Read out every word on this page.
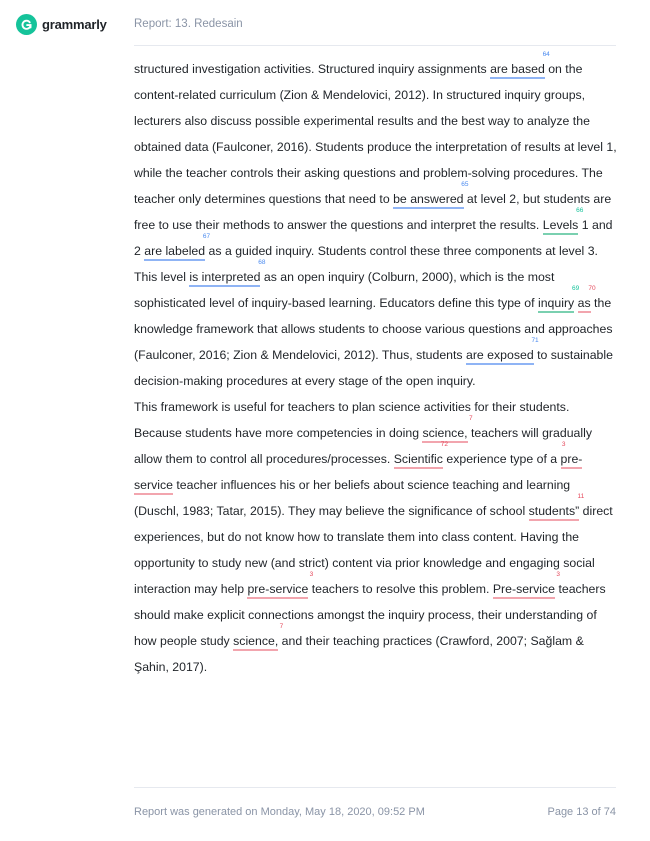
grammarly Report: 13. Redesain

structured investigation activities. Structured inquiry assignments are based
64
on the content-related curriculum (Zion & Mendelovici, 2012). In structured inquiry groups, lecturers also discuss possible experimental results and the best way to analyze the obtained data (Faulconer, 2016). Students produce the interpretation of results at level 1, while the teacher controls their asking questions and problem-solving procedures. The teacher only determines questions that need to be answered
65
at level 2, but students are free to use their methods to answer the questions and interpret the results. Levels
66
1 and 2 are labeled
67
as a guided inquiry. Students control these three components at level 3. This level is interpreted
68
as an open inquiry (Colburn, 2000), which is the most sophisticated level of inquiry-based learning. Educators define this type of inquiry
69
as
70
the knowledge framework that allows students to choose various questions and approaches (Faulconer, 2016; Zion & Mendelovici, 2012). Thus, students are exposed
71
to sustainable decision-making procedures at every stage of the open inquiry.

This framework is useful for teachers to plan science activities for their students. Because students have more competencies in doing science,
7
teachers will gradually allow them to control all procedures/processes. Scientific
72
experience type of a pre-service
3
teacher influences his or her beliefs about science teaching and learning (Duschl, 1983; Tatar, 2015). They may believe the significance of school students”
11
direct experiences, but do not know how to translate them into class content. Having the opportunity to study new (and strict) content via prior knowledge and engaging social interaction may help pre-service
3
teachers to resolve this problem. Pre-service
3
teachers should make explicit connections amongst the inquiry process, their understanding of how people study science,
7
and their teaching practices (Crawford, 2007; Sağlam & Şahin, 2017).

Report was generated on Monday, May 18, 2020, 09:52 PM	Page 13 of 74
